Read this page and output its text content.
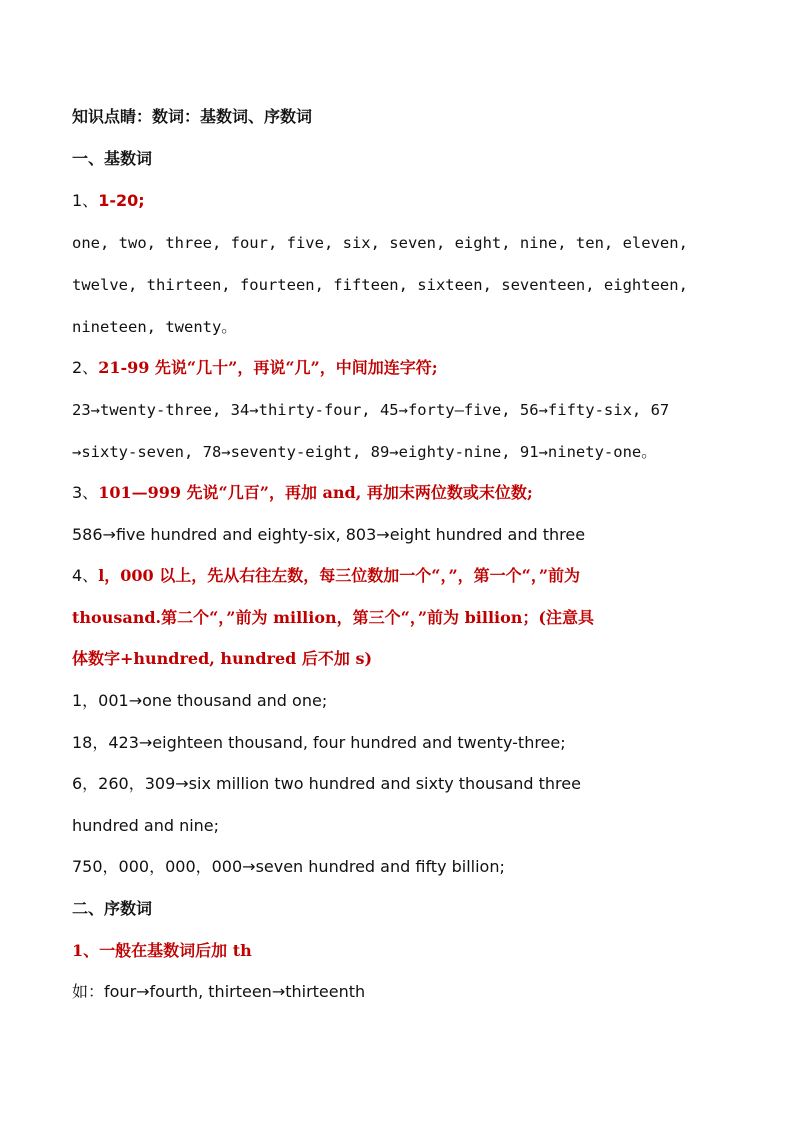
知识点睛：数词：基数词、序数词
一、基数词
1、1-20;
one, two, three, four, five, six, seven, eight, nine, ten, eleven,
twelve, thirteen, fourteen, fifteen, sixteen, seventeen, eighteen,
nineteen, twenty。
2、21-99 先说“几十”，再说“几”，中间加连字符;
23→twenty-three, 34→thirty-four, 45→forty—five, 56→fifty-six, 67
→sixty-seven, 78→seventy-eight, 89→eighty-nine, 91→ninety-one。
3、101—999 先说“几百”，再加 and, 再加末两位数或末位数;
586→five hundred and eighty-six, 803→eight hundred and three
4、l，000 以上，先从右往左数，每三位数加一个“，”，第一个“，”前为
thousand.第二个“，”前为 million，第三个“，”前为 billion；(注意具
体数字+hundred, hundred 后不加 s)
1，001→one thousand and one;
18，423→eighteen thousand, four hundred and twenty-three;
6，260，309→six million two hundred and sixty thousand three
hundred and nine;
750，000，000，000→seven hundred and fifty billion;
二、序数词
1、一般在基数词后加 th
如：four→fourth, thirteen→thirteenth
